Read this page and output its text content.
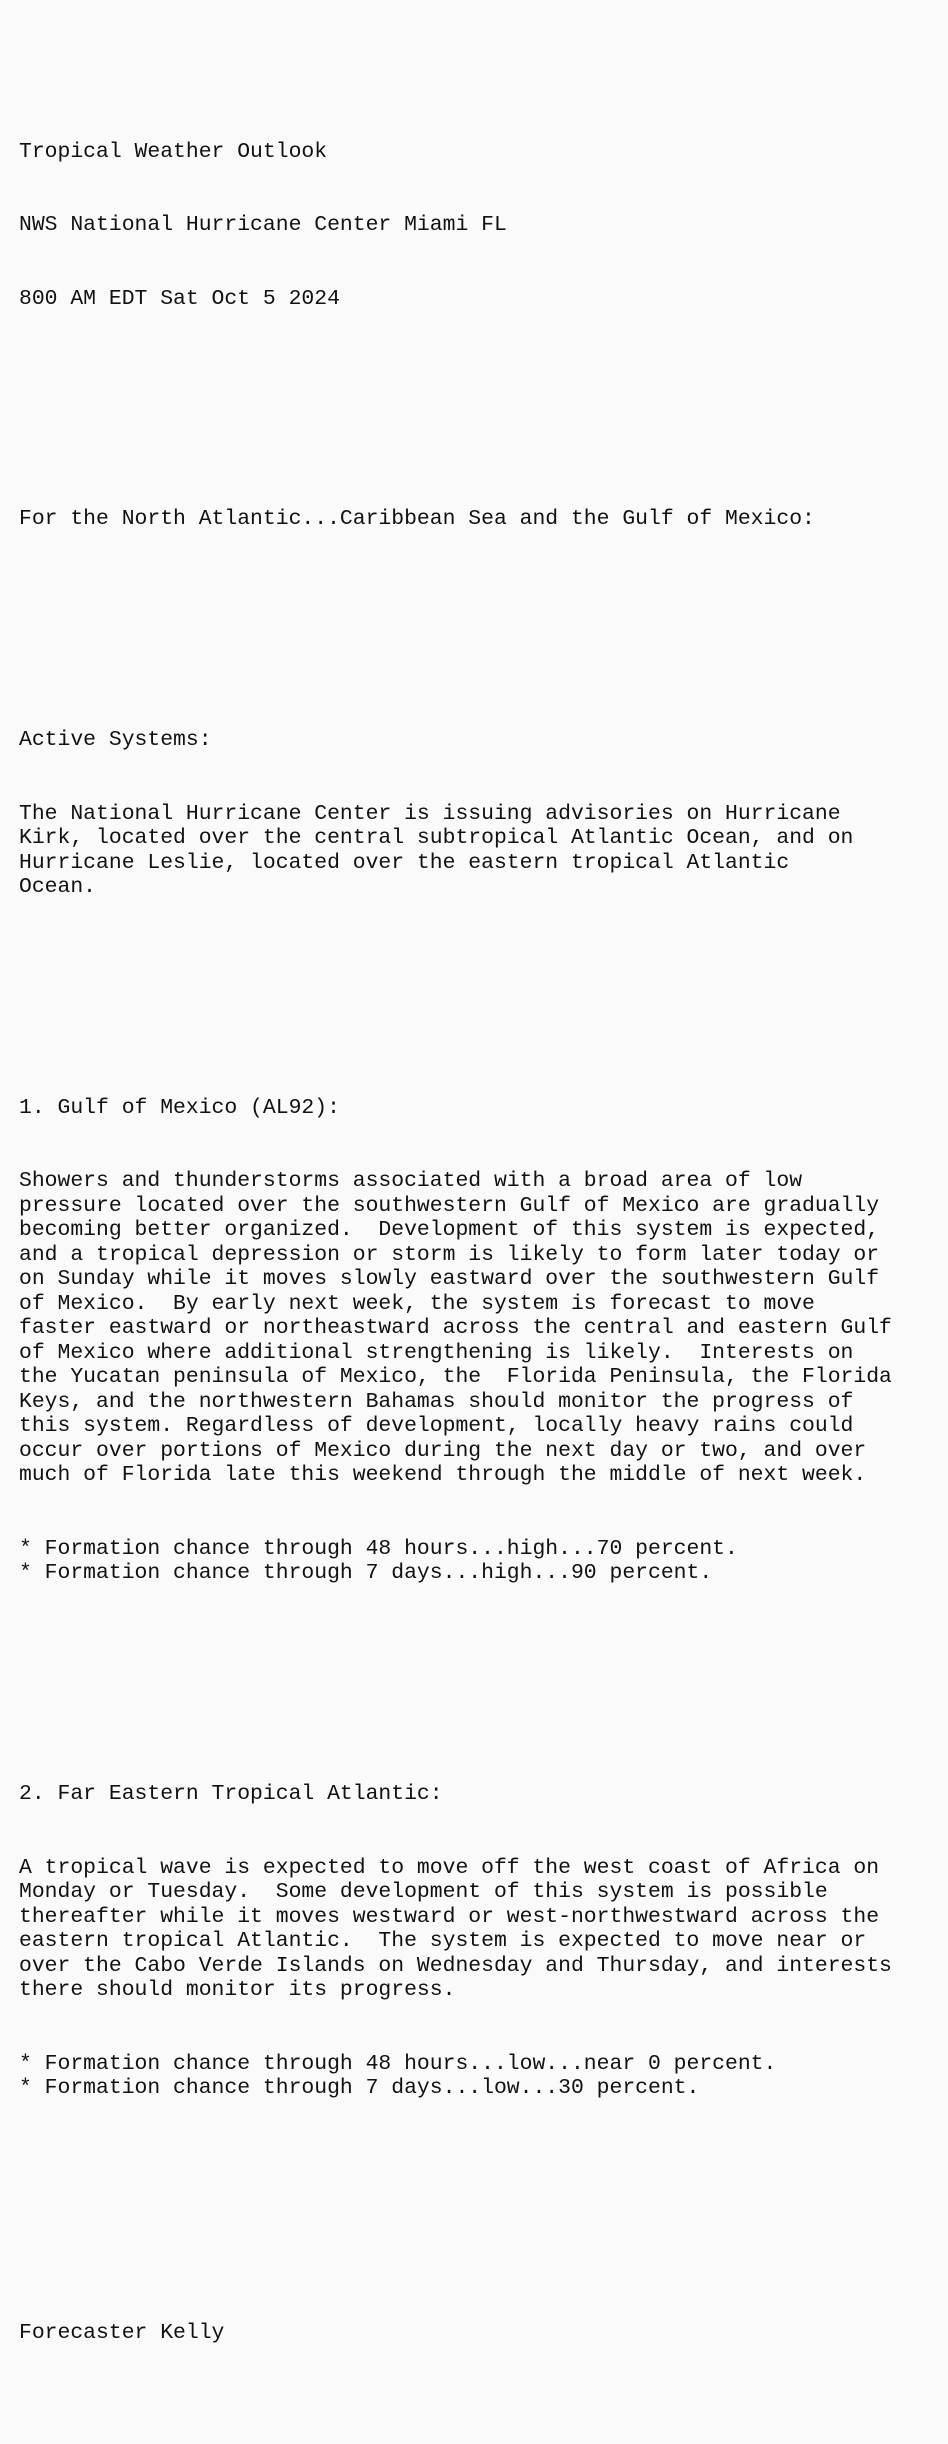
Tropical Weather Outlook

NWS National Hurricane Center Miami FL

800 AM EDT Sat Oct 5 2024

For the North Atlantic...Caribbean Sea and the Gulf of Mexico:

Active Systems:

The National Hurricane Center is issuing advisories on Hurricane
Kirk, located over the central subtropical Atlantic Ocean, and on
Hurricane Leslie, located over the eastern tropical Atlantic
Ocean.

1. Gulf of Mexico (AL92):

Showers and thunderstorms associated with a broad area of low
pressure located over the southwestern Gulf of Mexico are gradually
becoming better organized.  Development of this system is expected,
and a tropical depression or storm is likely to form later today or
on Sunday while it moves slowly eastward over the southwestern Gulf
of Mexico.  By early next week, the system is forecast to move
faster eastward or northeastward across the central and eastern Gulf
of Mexico where additional strengthening is likely.  Interests on
the Yucatan peninsula of Mexico, the  Florida Peninsula, the Florida
Keys, and the northwestern Bahamas should monitor the progress of
this system. Regardless of development, locally heavy rains could
occur over portions of Mexico during the next day or two, and over
much of Florida late this weekend through the middle of next week.

* Formation chance through 48 hours...high...70 percent.
* Formation chance through 7 days...high...90 percent.

2. Far Eastern Tropical Atlantic:

A tropical wave is expected to move off the west coast of Africa on
Monday or Tuesday.  Some development of this system is possible
thereafter while it moves westward or west-northwestward across the
eastern tropical Atlantic.  The system is expected to move near or
over the Cabo Verde Islands on Wednesday and Thursday, and interests
there should monitor its progress.

* Formation chance through 48 hours...low...near 0 percent.
* Formation chance through 7 days...low...30 percent.

Forecaster Kelly
